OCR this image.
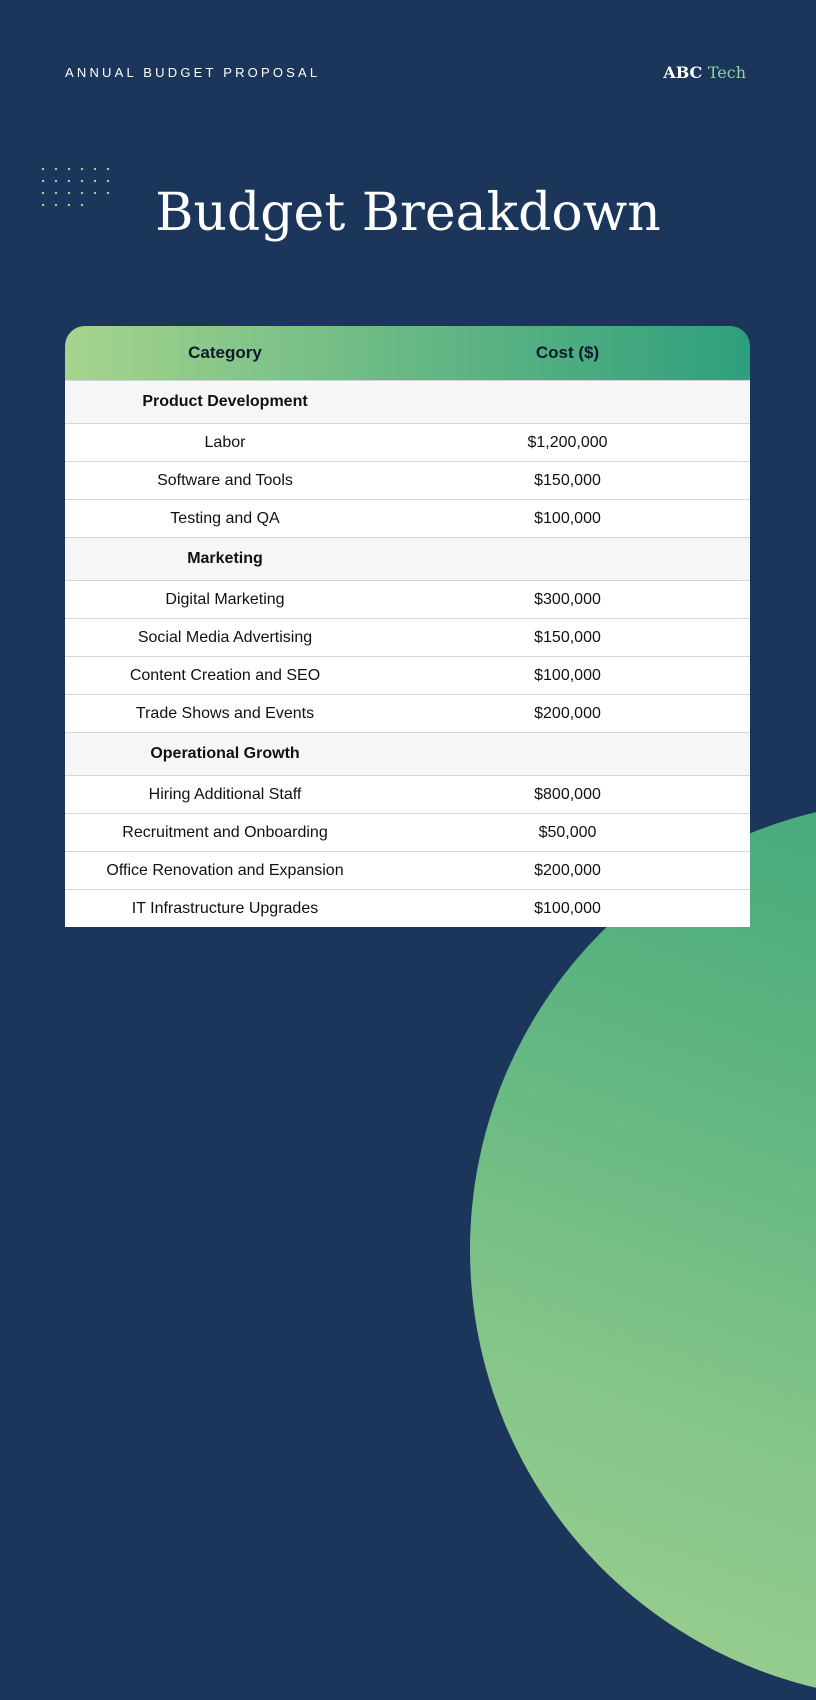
ANNUAL BUDGET PROPOSAL	ABC Tech
Budget Breakdown
Category	Cost ($)
Product Development	
Labor	$1,200,000
Software and Tools	$150,000
Testing and QA	$100,000
Marketing	
Digital Marketing	$300,000
Social Media Advertising	$150,000
Content Creation and SEO	$100,000
Trade Shows and Events	$200,000
Operational Growth	
Hiring Additional Staff	$800,000
Recruitment and Onboarding	$50,000
Office Renovation and Expansion	$200,000
IT Infrastructure Upgrades	$100,000
